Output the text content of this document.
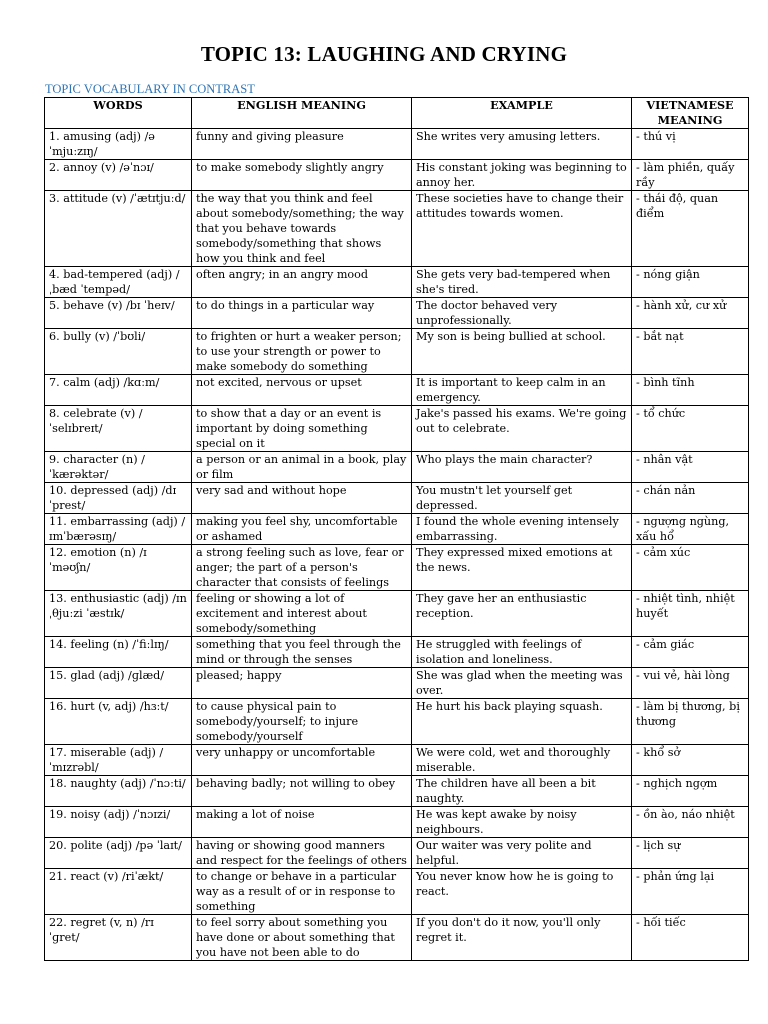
TOPIC 13: LAUGHING AND CRYING
TOPIC VOCABULARY IN CONTRAST
WORDS	ENGLISH MEANING	EXAMPLE	VIETNAMESE MEANING
1. amusing (adj) /ə ˈmjuːzɪŋ/	funny and giving pleasure	She writes very amusing letters.	- thú vị
2. annoy (v) /əˈnɔɪ/	to make somebody slightly angry	His constant joking was beginning to annoy her.	- làm phiền, quấy rầy
3. attitude (v) /ˈætɪtjuːd/	the way that you think and feel about somebody/something; the way that you behave towards somebody/something that shows how you think and feel	These societies have to change their attitudes towards women.	- thái độ, quan điểm
4. bad-tempered (adj) /ˌbæd ˈtempəd/	often angry; in an angry mood	She gets very bad-tempered when she's tired.	- nóng giận
5. behave (v) /bɪ ˈheɪv/	to do things in a particular way	The doctor behaved very unprofessionally.	- hành xử, cư xử
6. bully (v) /ˈbʊli/	to frighten or hurt a weaker person; to use your strength or power to make somebody do something	My son is being bullied at school.	- bắt nạt
7. calm (adj) /kɑːm/	not excited, nervous or upset	It is important to keep calm in an emergency.	- bình tĩnh
8. celebrate (v) /ˈselɪbreɪt/	to show that a day or an event is important by doing something special on it	Jake's passed his exams. We're going out to celebrate.	- tổ chức
9. character (n) /ˈkærəktər/	a person or an animal in a book, play or film	Who plays the main character?	- nhân vật
10. depressed (adj) /dɪˈprest/	very sad and without hope	You mustn't let yourself get depressed.	- chán nản
11. embarrassing (adj) /ɪmˈbærəsɪŋ/	making you feel shy, uncomfortable or ashamed	I found the whole evening intensely embarrassing.	- ngượng ngùng, xấu hổ
12. emotion (n) /ɪ ˈməʊʃn/	a strong feeling such as love, fear or anger; the part of a person's character that consists of feelings	They expressed mixed emotions at the news.	- cảm xúc
13. enthusiastic (adj) /ɪnˌθjuːzi ˈæstɪk/	feeling or showing a lot of excitement and interest about somebody/something	They gave her an enthusiastic reception.	- nhiệt tình, nhiệt huyết
14. feeling (n) /ˈfiːlɪŋ/	something that you feel through the mind or through the senses	He struggled with feelings of isolation and loneliness.	- cảm giác
15. glad (adj) /ɡlæd/	pleased; happy	She was glad when the meeting was over.	- vui vẻ, hài lòng
16. hurt (v, adj) /hɜːt/	to cause physical pain to somebody/yourself; to injure somebody/yourself	He hurt his back playing squash.	- làm bị thương, bị thương
17. miserable (adj) /ˈmɪzrəbl/	very unhappy or uncomfortable	We were cold, wet and thoroughly miserable.	- khổ sở
18. naughty (adj) /ˈnɔːti/	behaving badly; not willing to obey	The children have all been a bit naughty.	- nghịch ngợm
19. noisy (adj) /ˈnɔɪzi/	making a lot of noise	He was kept awake by noisy neighbours.	- ồn ào, náo nhiệt
20. polite (adj) /pə ˈlaɪt/	having or showing good manners and respect for the feelings of others	Our waiter was very polite and helpful.	- lịch sự
21. react (v) /riˈækt/	to change or behave in a particular way as a result of or in response to something	You never know how he is going to react.	- phản ứng lại
22. regret (v, n) /rɪ ˈɡret/	to feel sorry about something you have done or about something that you have not been able to do	If you don't do it now, you'll only regret it.	- hối tiếc
